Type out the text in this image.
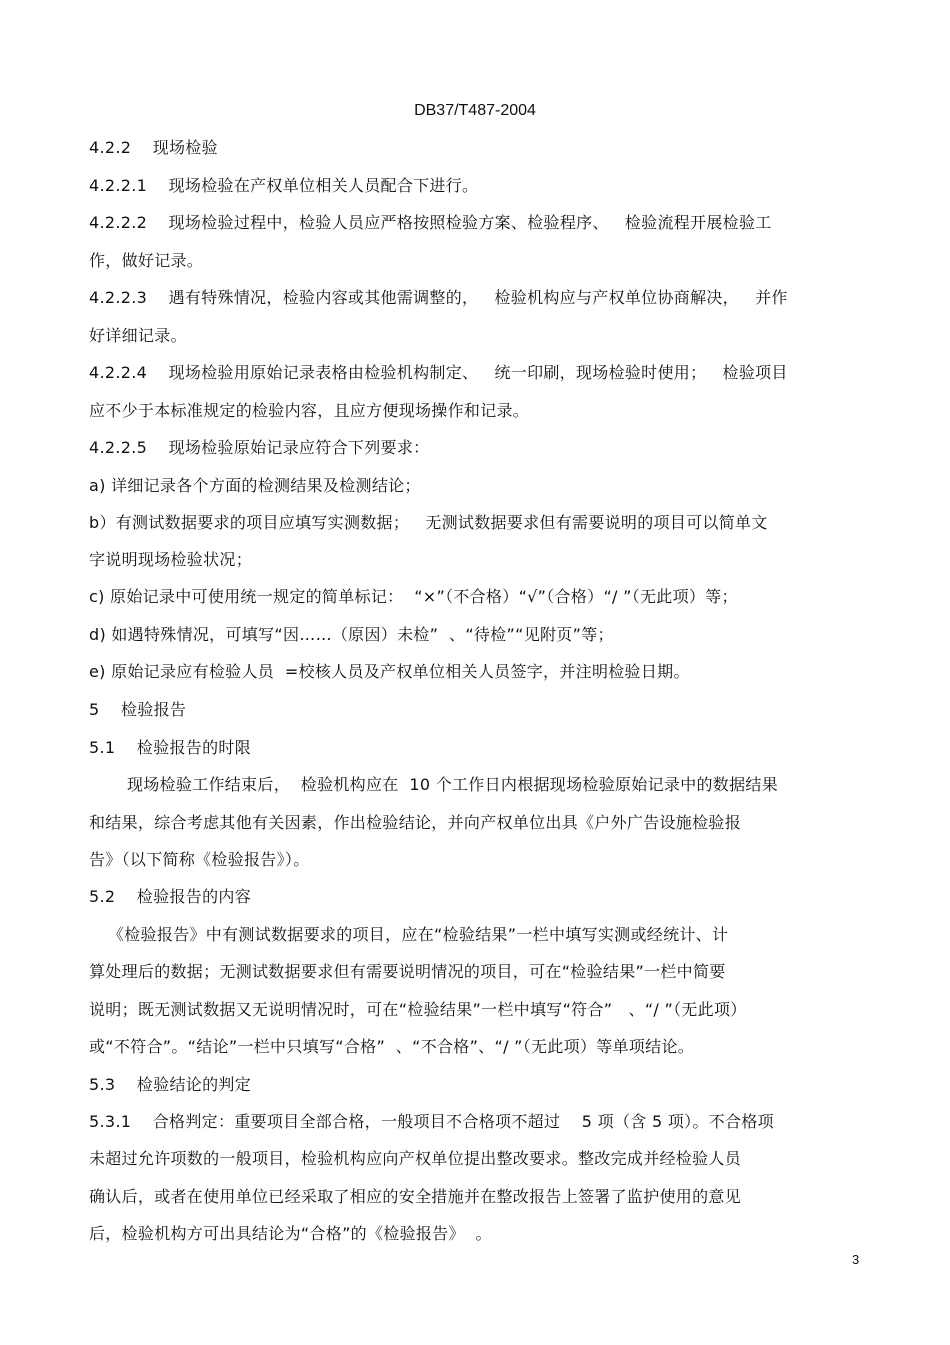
DB37/T487-2004
4.2.2    现场检验
4.2.2.1    现场检验在产权单位相关人员配合下进行。
4.2.2.2    现场检验过程中，检验人员应严格按照检验方案、检验程序、   检验流程开展检验工
作，做好记录。
4.2.2.3    遇有特殊情况，检验内容或其他需调整的，   检验机构应与产权单位协商解决，   并作
好详细记录。
4.2.2.4    现场检验用原始记录表格由检验机构制定、   统一印刷，现场检验时使用；   检验项目
应不少于本标准规定的检验内容，且应方便现场操作和记录。
4.2.2.5    现场检验原始记录应符合下列要求：
a) 详细记录各个方面的检测结果及检测结论；
b）有测试数据要求的项目应填写实测数据；   无测试数据要求但有需要说明的项目可以简单文
字说明现场检验状况；
c) 原始记录中可使用统一规定的简单标记：  “×”（不合格）“√”（合格）“/ ”（无此项）等；
d) 如遇特殊情况，可填写“因……（原因）未检”  、“待检”“见附页”等；
e) 原始记录应有检验人员  =校核人员及产权单位相关人员签字，并注明检验日期。
5    检验报告
5.1    检验报告的时限
现场检验工作结束后，  检验机构应在  10 个工作日内根据现场检验原始记录中的数据结果
和结果，综合考虑其他有关因素，作出检验结论，并向产权单位出具《户外广告设施检验报
告》（以下简称《检验报告》）。
5.2    检验报告的内容
《检验报告》中有测试数据要求的项目，应在“检验结果”一栏中填写实测或经统计、计
算处理后的数据；无测试数据要求但有需要说明情况的项目，可在“检验结果”一栏中简要
说明；既无测试数据又无说明情况时，可在“检验结果”一栏中填写“符合”   、“/ ”（无此项）
或“不符合”。“结论”一栏中只填写“合格”  、“不合格”、“/ ”（无此项）等单项结论。
5.3    检验结论的判定
5.3.1    合格判定：重要项目全部合格，一般项目不合格项不超过    5 项（含 5 项）。不合格项
未超过允许项数的一般项目，检验机构应向产权单位提出整改要求。整改完成并经检验人员
确认后，或者在使用单位已经采取了相应的安全措施并在整改报告上签署了监护使用的意见
后，检验机构方可出具结论为“合格”的《检验报告》  。
3
